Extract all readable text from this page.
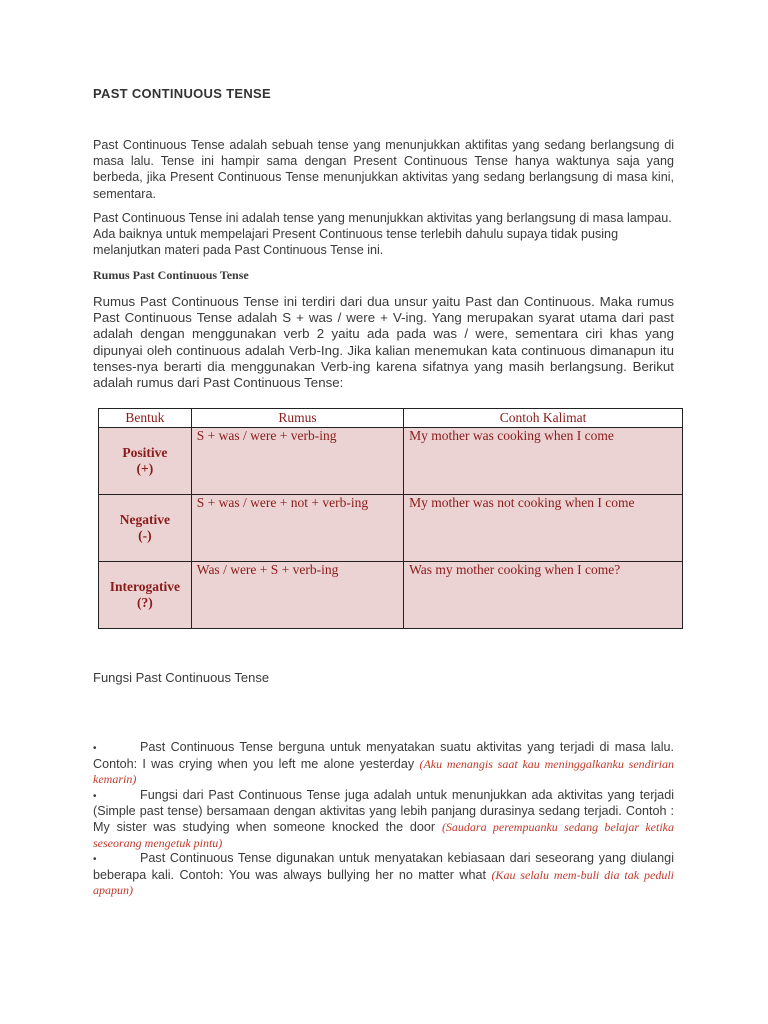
PAST CONTINUOUS TENSE

Past Continuous Tense adalah sebuah tense yang menunjukkan aktifitas yang sedang berlangsung di masa lalu. Tense ini hampir sama dengan Present Continuous Tense hanya waktunya saja yang berbeda, jika Present Continuous Tense menunjukkan aktivitas yang sedang berlangsung di masa kini, sementara.

Past Continuous Tense ini adalah tense yang menunjukkan aktivitas yang berlangsung di masa lampau. Ada baiknya untuk mempelajari Present Continuous tense terlebih dahulu supaya tidak pusing melanjutkan materi pada Past Continuous Tense ini.

Rumus Past Continuous Tense

Rumus Past Continuous Tense ini terdiri dari dua unsur yaitu Past dan Continuous. Maka rumus Past Continuous Tense adalah S + was / were + V-ing. Yang merupakan syarat utama dari past adalah dengan menggunakan verb 2 yaitu ada pada was / were, sementara ciri khas yang dipunyai oleh continuous adalah Verb-Ing. Jika kalian menemukan kata continuous dimanapun itu tenses-nya berarti dia menggunakan Verb-ing karena sifatnya yang masih berlangsung. Berikut adalah rumus dari Past Continuous Tense:

Bentuk	Rumus	Contoh Kalimat

Positive
(+)	S + was / were + verb-ing	My mother was cooking when I come

Negative
(-)	S + was / were + not + verb-ing	My mother was not cooking when I come

Interogative
(?)	Was / were + S + verb-ing	Was my mother cooking when I come?
Fungsi Past Continuous Tense

•	Past Continuous Tense berguna untuk menyatakan suatu aktivitas yang terjadi di masa lalu. Contoh: I was crying when you left me alone yesterday (Aku menangis saat kau meninggalkanku sendirian kemarin)

•	Fungsi dari Past Continuous Tense juga adalah untuk menunjukkan ada aktivitas yang terjadi (Simple past tense) bersamaan dengan aktivitas yang lebih panjang durasinya sedang terjadi. Contoh : My sister was studying when someone knocked the door (Saudara perempuanku sedang belajar ketika seseorang mengetuk pintu)

•	Past Continuous Tense digunakan untuk menyatakan kebiasaan dari seseorang yang diulangi beberapa kali. Contoh: You was always bullying her no matter what (Kau selalu mem-buli dia tak peduli apapun)
